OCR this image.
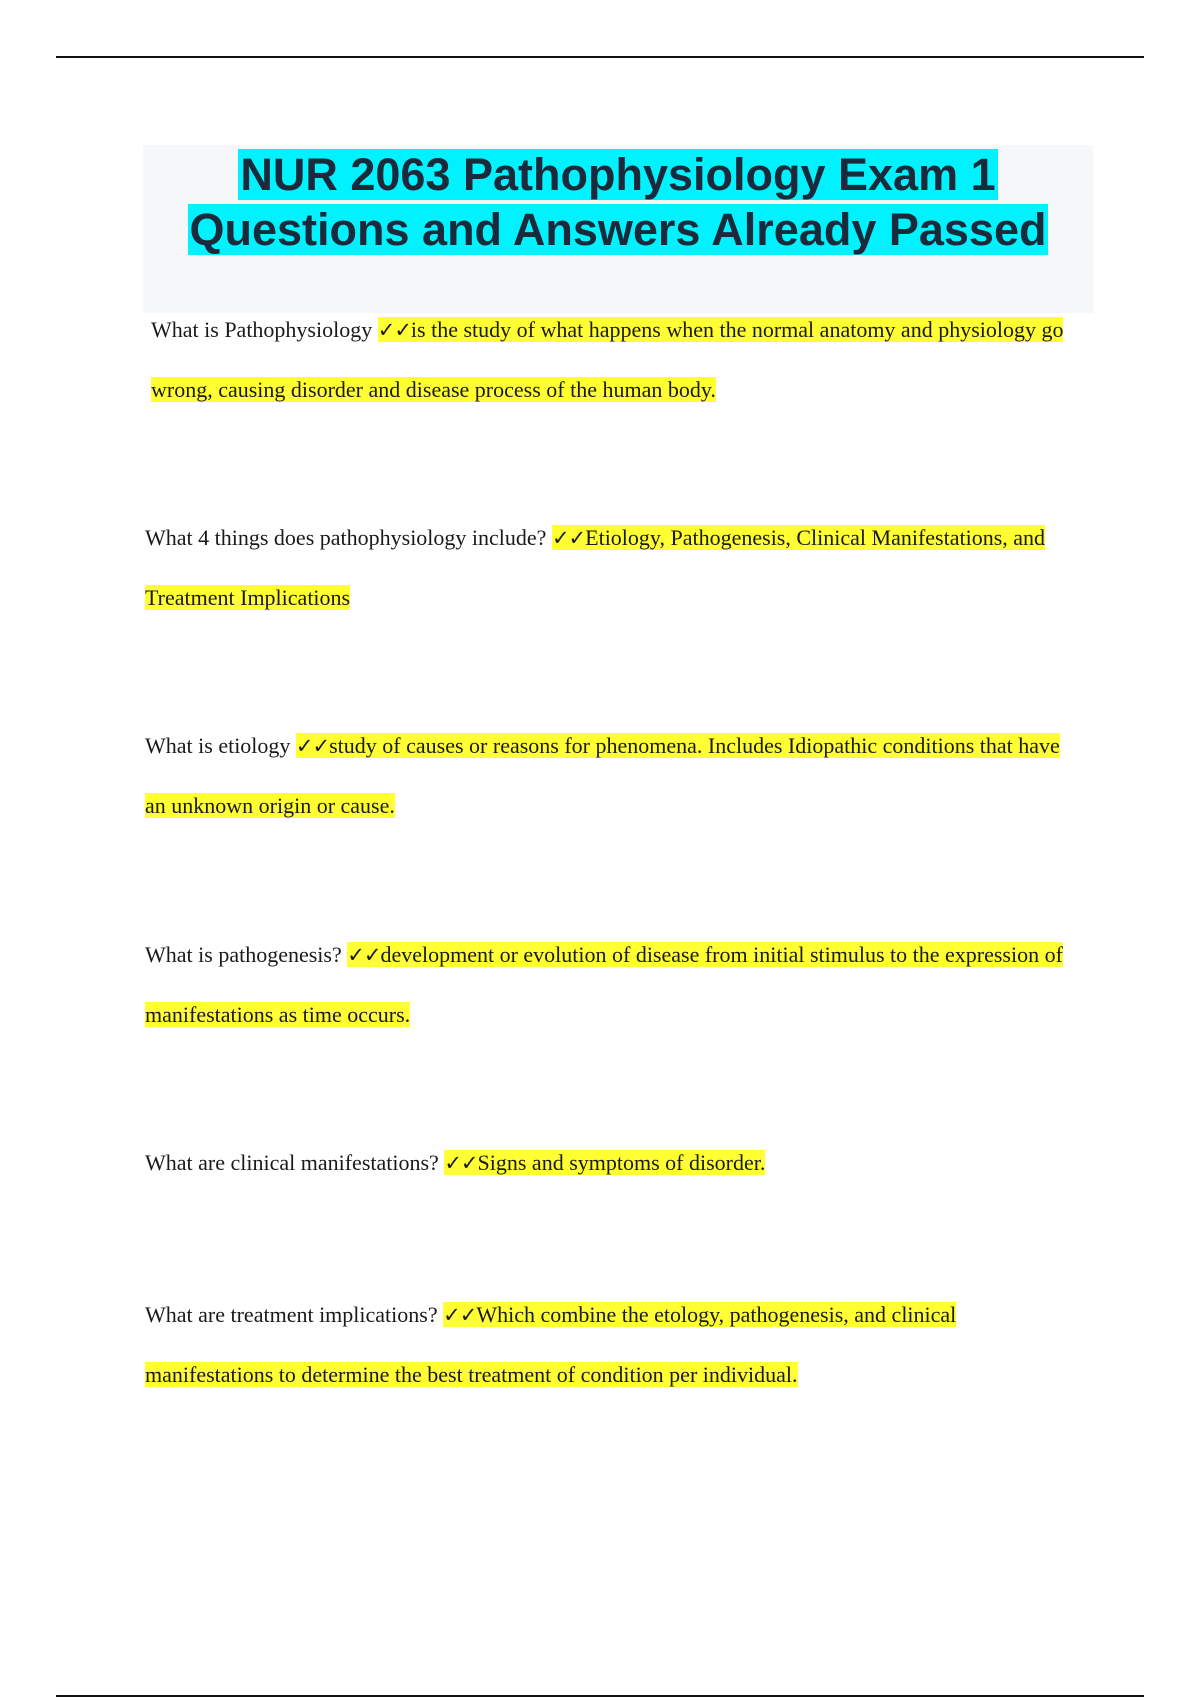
NUR 2063 Pathophysiology Exam 1
Questions and Answers Already Passed

What is Pathophysiology ✓✓is the study of what happens when the normal anatomy and physiology go wrong, causing disorder and disease process of the human body.

What 4 things does pathophysiology include? ✓✓Etiology, Pathogenesis, Clinical Manifestations, and Treatment Implications

What is etiology ✓✓study of causes or reasons for phenomena. Includes Idiopathic conditions that have an unknown origin or cause.

What is pathogenesis? ✓✓development or evolution of disease from initial stimulus to the expression of manifestations as time occurs.

What are clinical manifestations? ✓✓Signs and symptoms of disorder.

What are treatment implications? ✓✓Which combine the etology, pathogenesis, and clinical manifestations to determine the best treatment of condition per individual.
